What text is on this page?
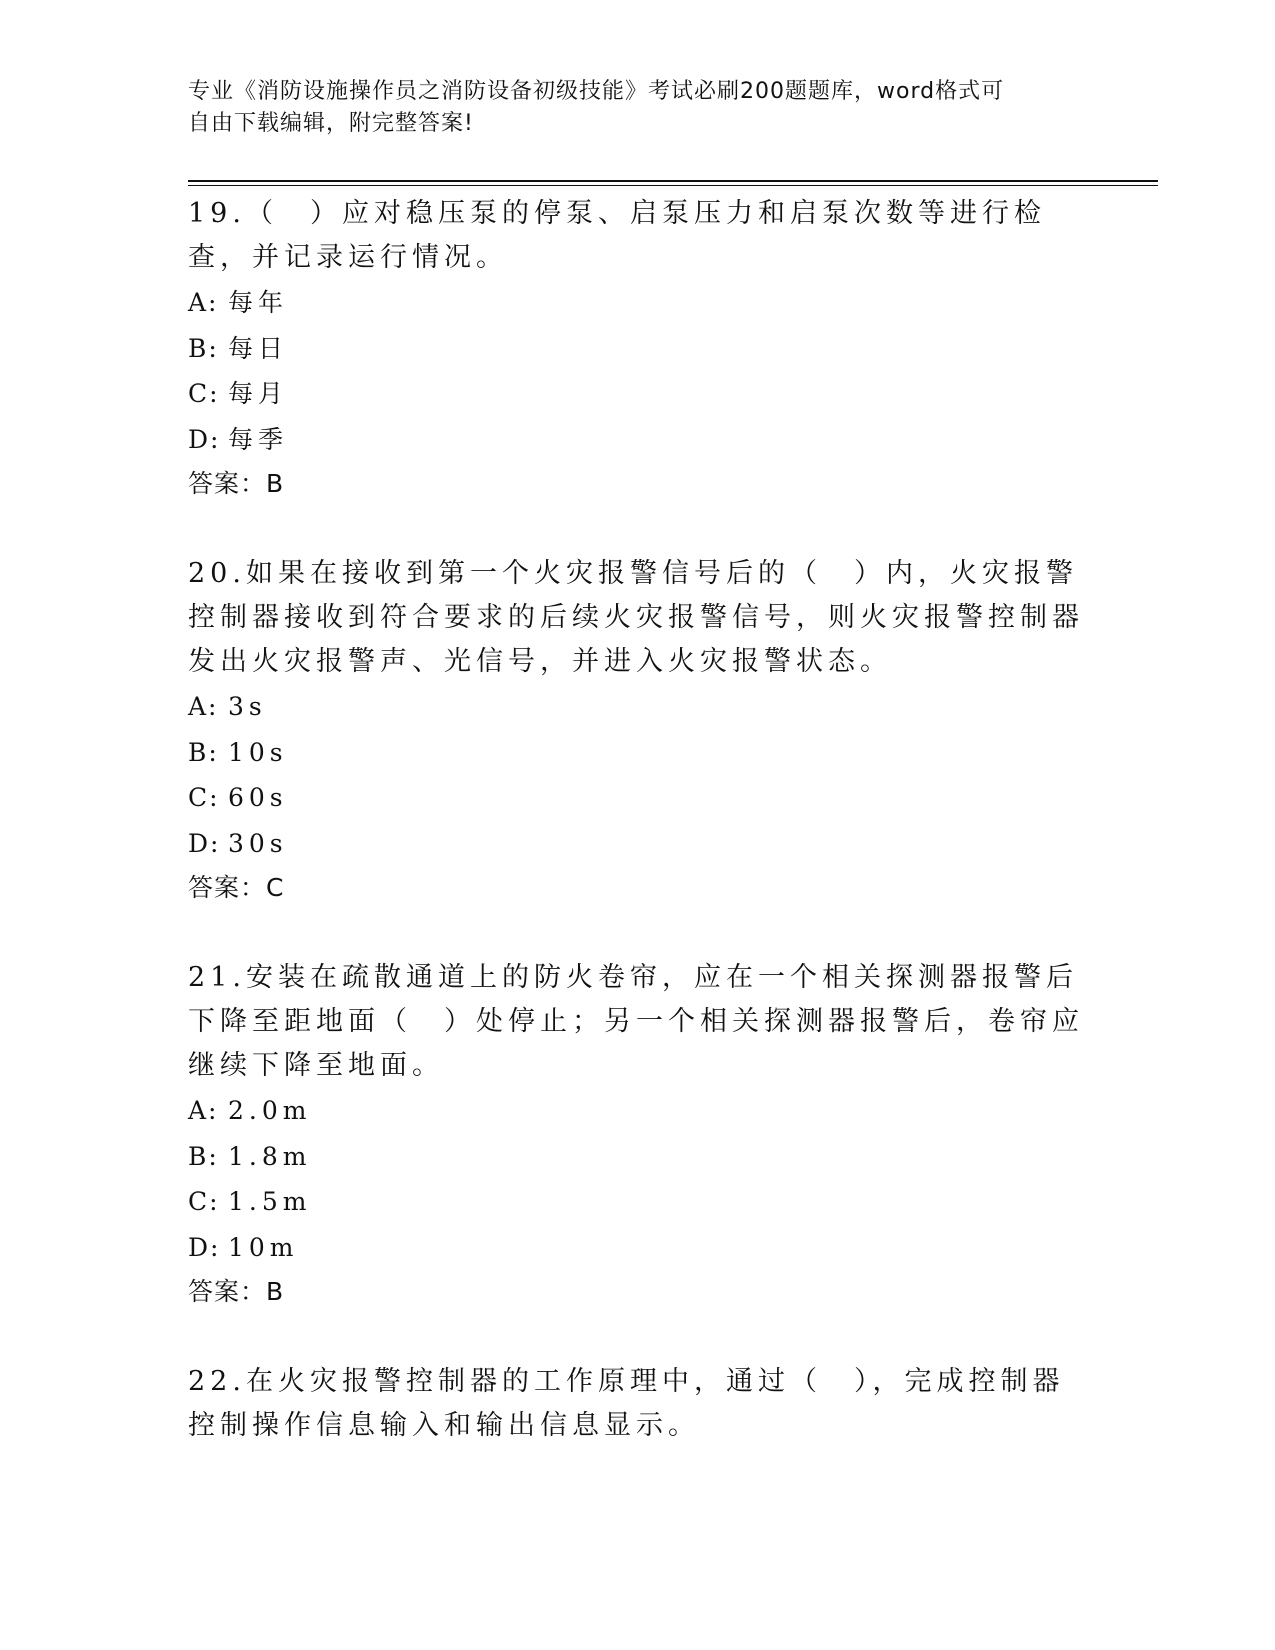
专业《消防设施操作员之消防设备初级技能》考试必刷200题题库，word格式可
自由下载编辑，附完整答案!
19.（　）应对稳压泵的停泵、启泵压力和启泵次数等进行检查，并记录运行情况。
A: 每年
B: 每日
C: 每月
D: 每季
答案：B
20.如果在接收到第一个火灾报警信号后的（　）内，火灾报警控制器接收到符合要求的后续火灾报警信号，则火灾报警控制器发出火灾报警声、光信号，并进入火灾报警状态。
A: 3s
B: 10s
C: 60s
D: 30s
答案：C
21.安装在疏散通道上的防火卷帘，应在一个相关探测器报警后下降至距地面（　）处停止；另一个相关探测器报警后，卷帘应继续下降至地面。
A: 2.0m
B: 1.8m
C: 1.5m
D: 10m
答案：B
22.在火灾报警控制器的工作原理中，通过（　），完成控制器控制操作信息输入和输出信息显示。
